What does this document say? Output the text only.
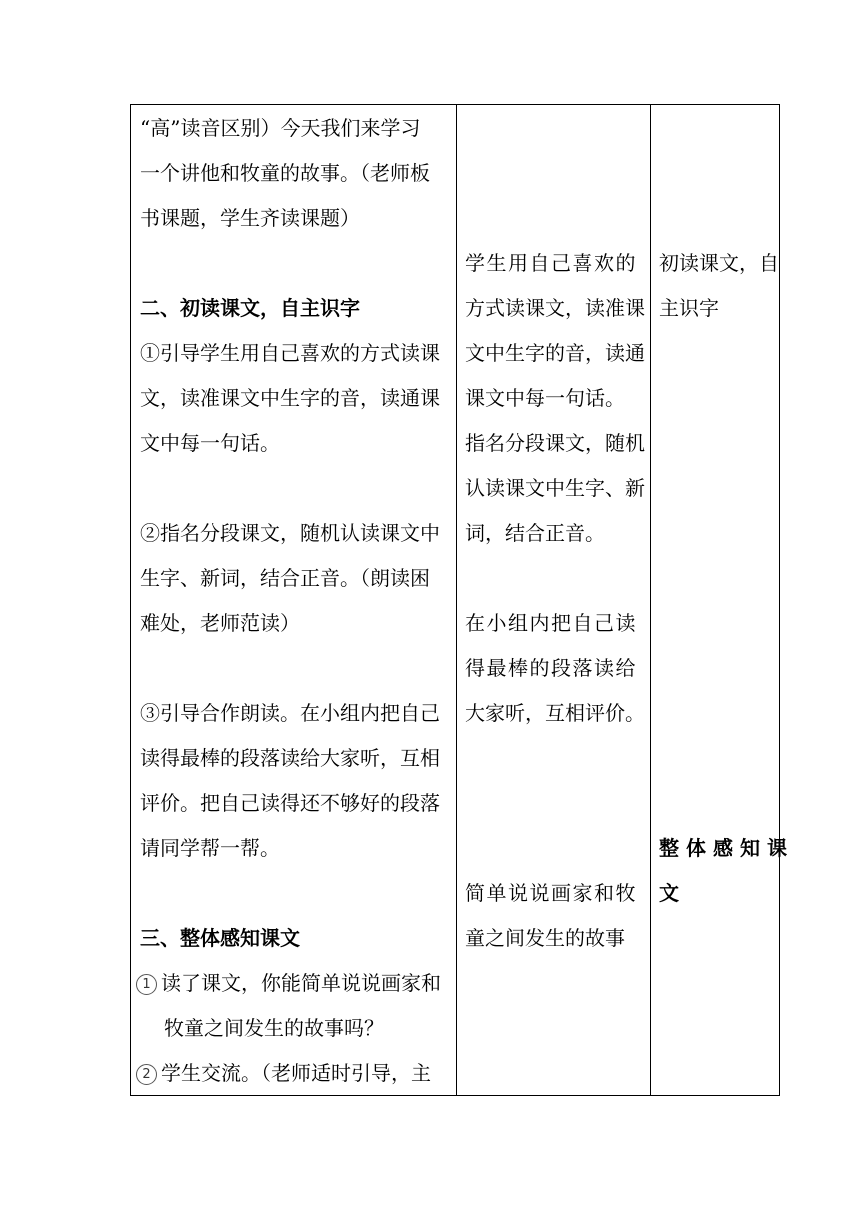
“高”读音区别）今天我们来学习
一个讲他和牧童的故事。（老师板
书课题，学生齐读课题）
二、初读课文，自主识字
①引导学生用自己喜欢的方式读课
文，读准课文中生字的音，读通课
文中每一句话。
②指名分段课文，随机认读课文中
生字、新词，结合正音。（朗读困
难处，老师范读）
③引导合作朗读。在小组内把自己
读得最棒的段落读给大家听，互相
评价。把自己读得还不够好的段落
请同学帮一帮。
三、整体感知课文
1 读了课文，你能简单说说画家和
牧童之间发生的故事吗？
2 学生交流。（老师适时引导，主
学生用自己喜欢的
方式读课文，读准课
文中生字的音，读通
课文中每一句话。
指名分段课文，随机
认读课文中生字、新
词，结合正音。
在小组内把自己读
得最棒的段落读给
大家听，互相评价。
简单说说画家和牧
童之间发生的故事
初读课文，自
主识字
整体感知课
文
